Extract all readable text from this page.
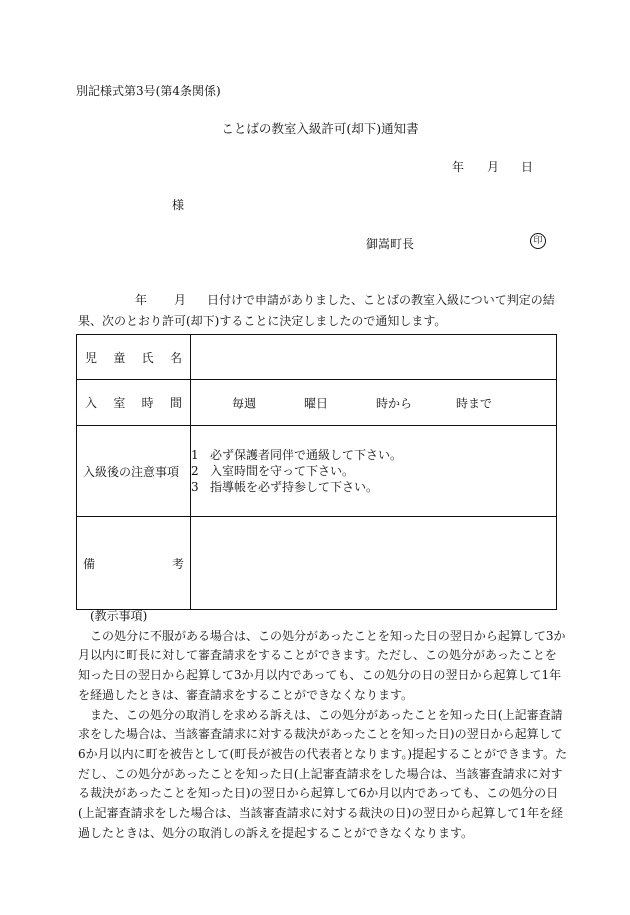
別記様式第3号(第4条関係)
ことばの教室入級許可(却下)通知書
年 月 日
様
御嵩町長	印
年 月 日付けで申請がありました、ことばの教室入級について判定の結
果、次のとおり許可(却下)することに決定しましたので通知します。
児 童 氏 名	

入 室 時 間	毎週 曜日 時から 時まで

入級後の注意事項	1 必ず保護者同伴で通級して下さい。
2 入室時間を守って下さい。
3 指導帳を必ず持参して下さい。

備 考	

(教示事項)

この処分に不服がある場合は、この処分があったことを知った日の翌日から起算して3か月以内に町長に対して審査請求をすることができます。ただし、この処分があったことを知った日の翌日から起算して3か月以内であっても、この処分の日の翌日から起算して1年を経過したときは、審査請求をすることができなくなります。

また、この処分の取消しを求める訴えは、この処分があったことを知った日(上記審査請求をした場合は、当該審査請求に対する裁決があったことを知った日)の翌日から起算して6か月以内に町を被告として(町長が被告の代表者となります。)提起することができます。ただし、この処分があったことを知った日(上記審査請求をした場合は、当該審査請求に対する裁決があったことを知った日)の翌日から起算して6か月以内であっても、この処分の日(上記審査請求をした場合は、当該審査請求に対する裁決の日)の翌日から起算して1年を経過したときは、処分の取消しの訴えを提起することができなくなります。
